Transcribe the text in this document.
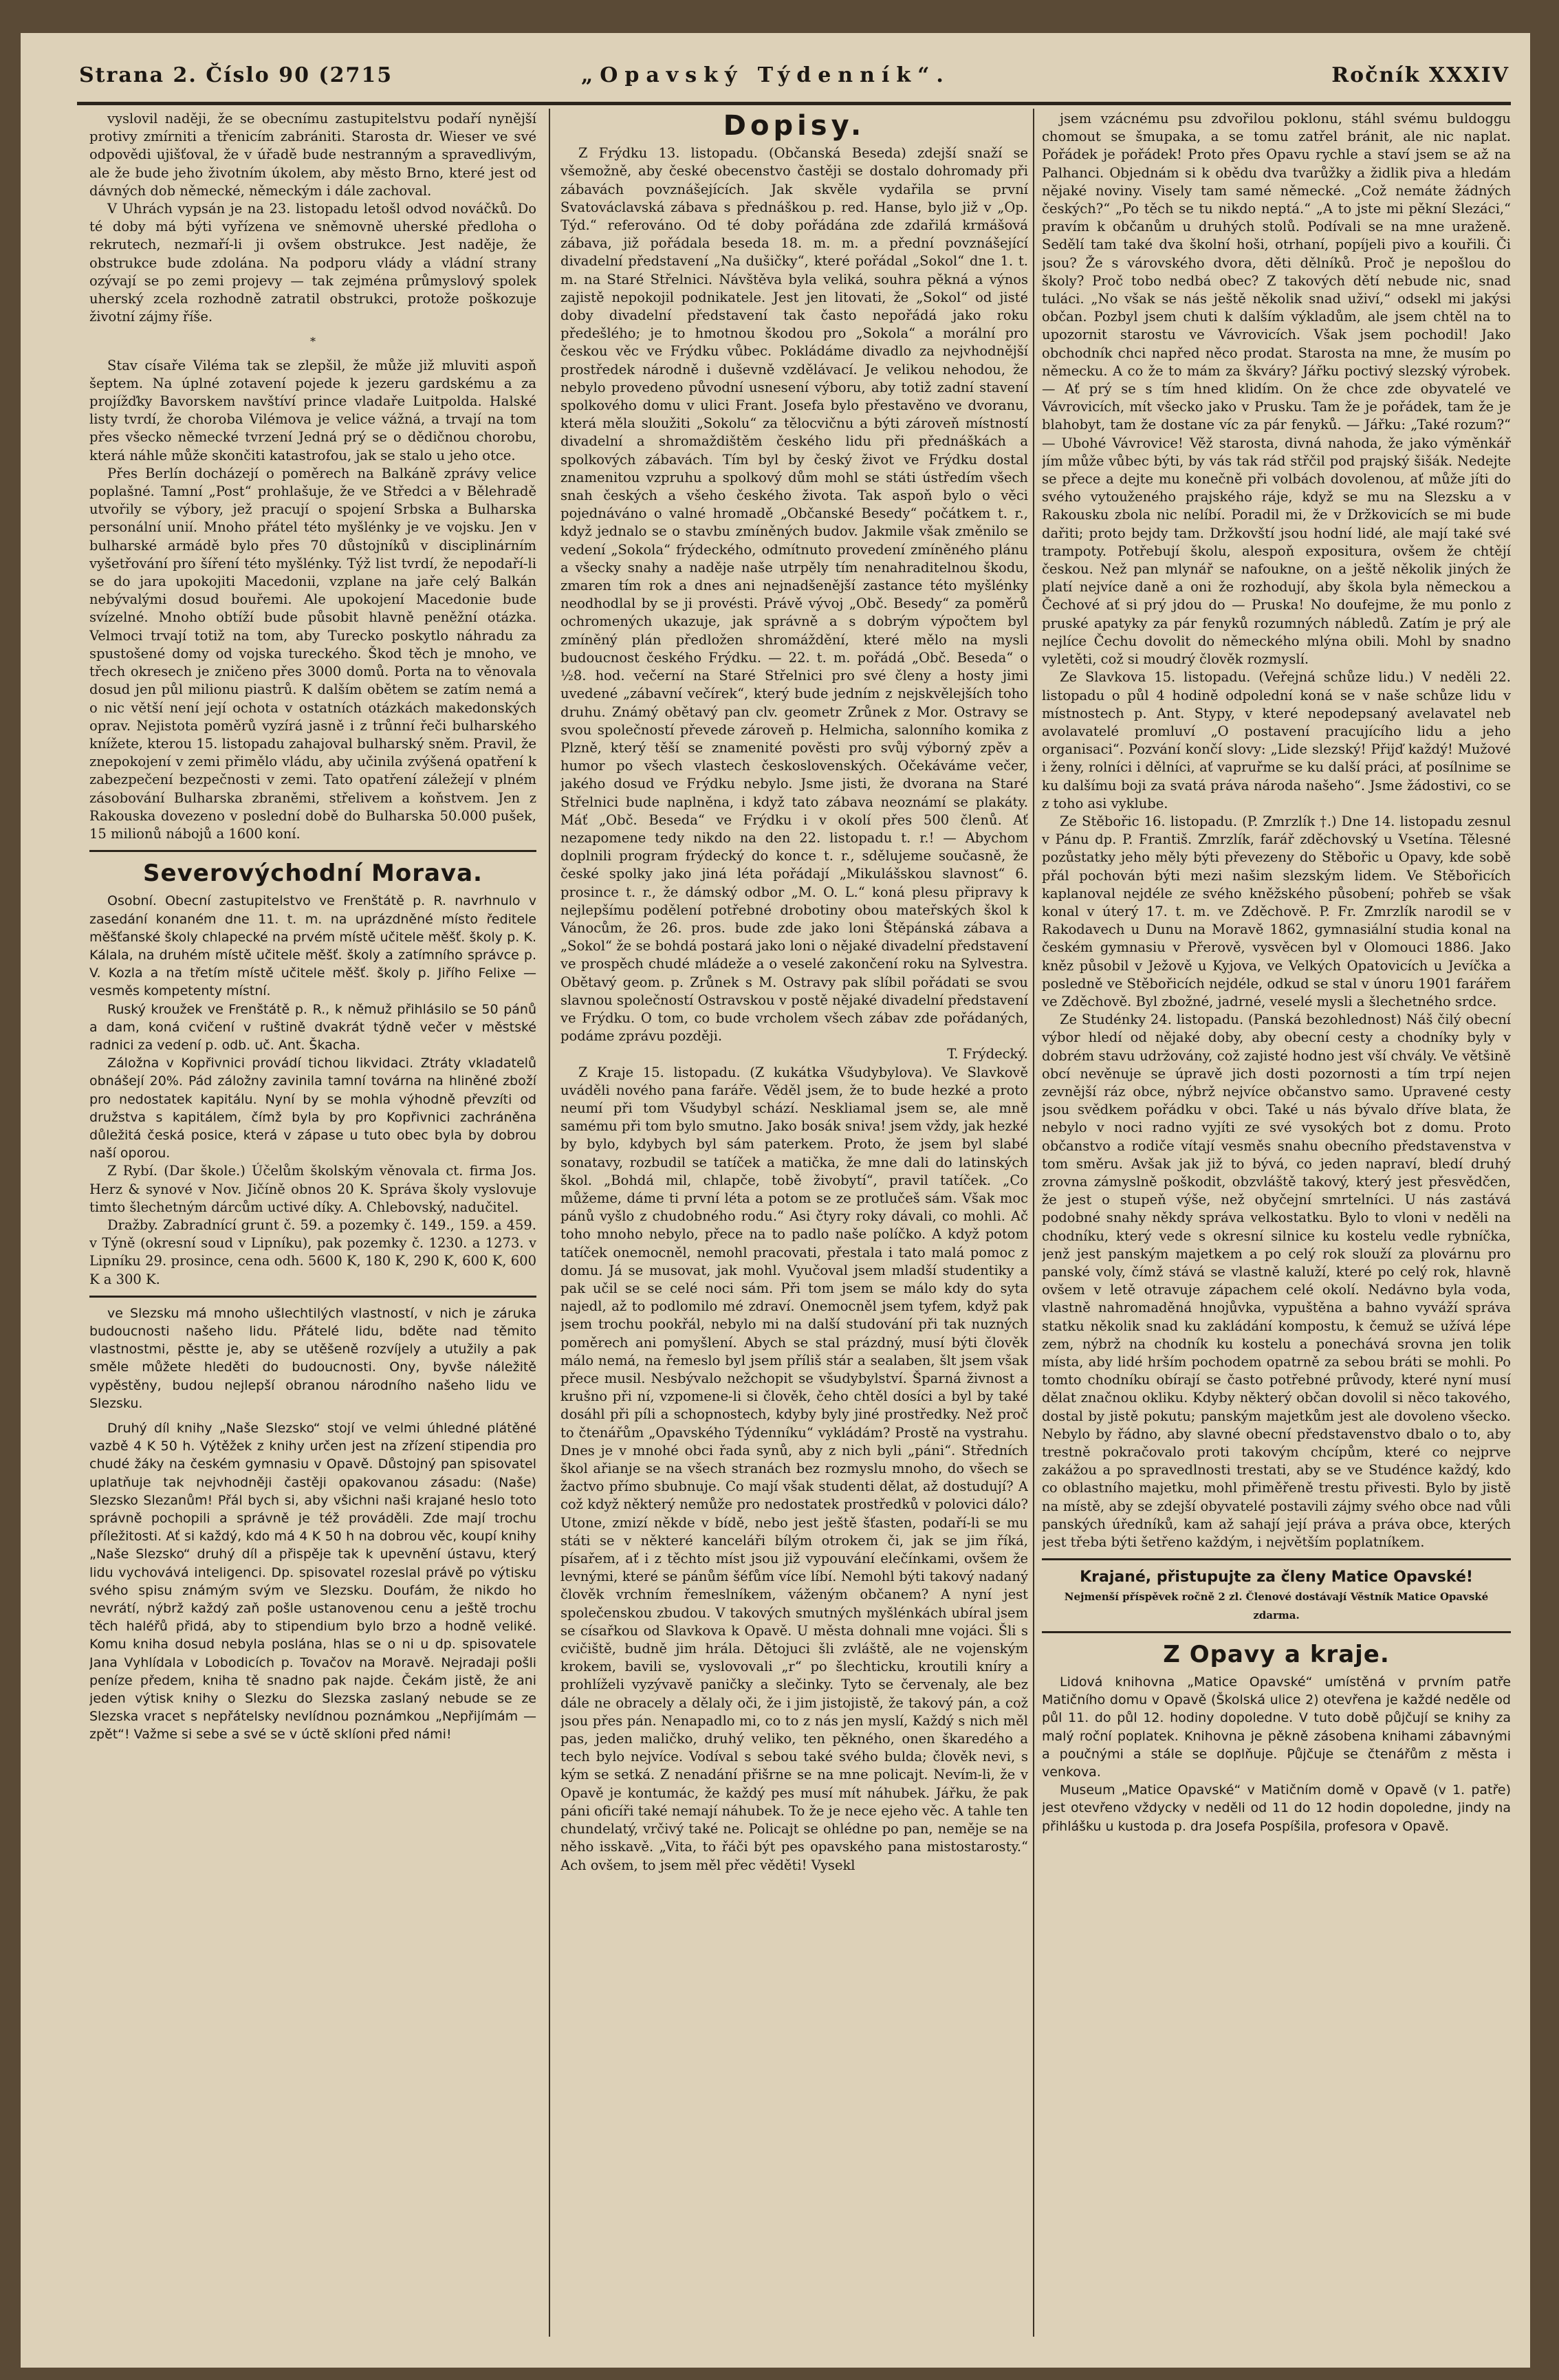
Strana 2. Číslo 90 (2715	„Opavský Týdenník“.	Ročník XXXIV

vyslovil naději, že se obecnímu zastupitelstvu podaří nynější protivy zmírniti a třenicím zabrániti. Starosta dr. Wieser ve své odpovědi ujišťoval, že v úřadě bude nestranným a spravedlivým, ale že bude jeho životním úkolem, aby město Brno, které jest od dávných dob německé, německým i dále zachoval.

V Uhrách vypsán je na 23. listopadu letošl odvod nováčků. Do té doby má býti vyřízena ve sněmovně uherské předloha o rekrutech, nezmaří-li ji ovšem obstrukce. Jest naděje, že obstrukce bude zdolána. Na podporu vlády a vládní strany ozývají se po zemi projevy — tak zejména průmyslový spolek uherský zcela rozhodně zatratil obstrukci, protože poškozuje životní zájmy říše.

*

Stav císaře Viléma tak se zlepšil, že může již mluviti aspoň šeptem. Na úplné zotavení pojede k jezeru gardskému a za projížďky Bavorskem navštíví prince vladaře Luitpolda. Halské listy tvrdí, že choroba Vilémova je velice vážná, a trvají na tom přes všecko německé tvrzení Jedná prý se o dědičnou chorobu, která náhle může skončiti katastrofou, jak se stalo u jeho otce.

Přes Berlín docházejí o poměrech na Balkáně zprávy velice poplašné. Tamní „Post“ prohlašuje, že ve Středci a v Bělehradě utvořily se výbory, jež pracují o spojení Srbska a Bulharska personální unií. Mnoho přátel této myšlénky je ve vojsku. Jen v bulharské armádě bylo přes 70 důstojníků v disciplinárním vyšetřování pro šíření této myšlénky. Týž list tvrdí, že nepodaří-li se do jara upokojiti Macedonii, vzplane na jaře celý Balkán nebývalými dosud bouřemi. Ale upokojení Macedonie bude svízelné. Mnoho obtíží bude působit hlavně peněžní otázka. Velmoci trvají totiž na tom, aby Turecko poskytlo náhradu za spustošené domy od vojska tureckého. Škod těch je mnoho, ve třech okresech je zničeno přes 3000 domů. Porta na to věnovala dosud jen půl milionu piastrů. K dalším obětem se zatím nemá a o nic větší není její ochota v ostatních otázkách makedonských oprav. Nejistota poměrů vyzírá jasně i z trůnní řeči bulharského knížete, kterou 15. listopadu zahajoval bulharský sněm. Pravil, že znepokojení v zemi přimělo vládu, aby učinila zvýšená opatření k zabezpečení bezpečnosti v zemi. Tato opatření záležejí v plném zásobování Bulharska zbraněmi, střelivem a koňstvem. Jen z Rakouska dovezeno v poslední době do Bulharska 50.000 pušek, 15 milionů nábojů a 1600 koní.

Severovýchodní Morava.

Osobní. Obecní zastupitelstvo ve Frenštátě p. R. navrhnulo v zasedání konaném dne 11. t. m. na uprázdněné místo ředitele měšťanské školy chlapecké na prvém místě učitele měšť. školy p. K. Kálala, na druhém místě učitele měšť. školy a zatímního správce p. V. Kozla a na třetím místě učitele měšť. školy p. Jiřího Felixe — vesměs kompetenty místní.

Ruský kroužek ve Frenštátě p. R., k němuž přihlásilo se 50 pánů a dam, koná cvičení v ruštině dvakrát týdně večer v městské radnici za vedení p. odb. uč. Ant. Škacha.

Záložna v Kopřivnici provádí tichou likvidaci. Ztráty vkladatelů obnášejí 20%. Pád záložny zavinila tamní továrna na hliněné zboží pro nedostatek kapitálu. Nyní by se mohla výhodně převzíti od družstva s kapitálem, čímž byla by pro Kopřivnici zachráněna důležitá česká posice, která v zápase u tuto obec byla by dobrou naší oporou.

Z Rybí. (Dar škole.) Účelům školským věnovala ct. firma Jos. Herz & synové v Nov. Jičíně obnos 20 K. Správa školy vyslovuje timto šlechetným dárcům uctivé díky. A. Chlebovský, nadučitel.

Dražby. Zabradnící grunt č. 59. a pozemky č. 149., 159. a 459. v Týně (okresní soud v Lipníku), pak pozemky č. 1230. a 1273. v Lipníku 29. prosince, cena odh. 5600 K, 180 K, 290 K, 600 K, 600 K a 300 K.

ve Slezsku má mnoho ušlechtilých vlastností, v nich je záruka budoucnosti našeho lidu. Přátelé lidu, bděte nad těmito vlastnostmi, pěstte je, aby se utěšeně rozvíjely a utužily a pak směle můžete hleděti do budoucnosti. Ony, byvše náležitě vypěstěny, budou nejlepší obranou národního našeho lidu ve Slezsku.

Druhý díl knihy „Naše Slezsko“ stojí ve velmi úhledné plátěné vazbě 4 K 50 h. Výtěžek z knihy určen jest na zřízení stipendia pro chudé žáky na českém gymnasiu v Opavě. Důstojný pan spisovatel uplatňuje tak nejvhodněji častěji opakovanou zásadu: (Naše) Slezsko Slezanům! Přál bych si, aby všichni naši krajané heslo toto správně pochopili a správně je též prováděli. Zde mají trochu příležitosti. Ať si každý, kdo má 4 K 50 h na dobrou věc, koupí knihy „Naše Slezsko“ druhý díl a přispěje tak k upevnění ústavu, který lidu vychovává inteligenci. Dp. spisovatel rozeslal právě po výtisku svého spisu známým svým ve Slezsku. Doufám, že nikdo ho nevrátí, nýbrž každý zaň pošle ustanovenou cenu a ještě trochu těch haléřů přidá, aby to stipendium bylo brzo a hodně veliké. Komu kniha dosud nebyla poslána, hlas se o ni u dp. spisovatele Jana Vyhlídala v Lobodicích p. Tovačov na Moravě. Nejradaji pošli peníze předem, kniha tě snadno pak najde. Čekám jistě, že ani jeden výtisk knihy o Slezku do Slezska zaslaný nebude se ze Slezska vracet s nepřátelsky nevlídnou poznámkou „Nepřijímám — zpět“! Važme si sebe a své se v úctě sklíoni před námi!

Dopisy.

Z Frýdku 13. listopadu. (Občanská Beseda) zdejší snaží se všemožně, aby české obecenstvo častěji se dostalo dohromady při zábavách povznášejících. Jak skvěle vydařila se první Svatováclavská zábava s přednáškou p. red. Hanse, bylo již v „Op. Týd.“ referováno. Od té doby pořádána zde zdařilá krmášová zábava, již pořádala beseda 18. m. m. a přední povznášející divadelní představení „Na dušičky“, které pořádal „Sokol“ dne 1. t. m. na Staré Střelnici. Návštěva byla veliká, souhra pěkná a výnos zajistě nepokojil podnikatele. Jest jen litovati, že „Sokol“ od jisté doby divadelní představení tak často nepořádá jako roku předešlého; je to hmotnou škodou pro „Sokola“ a morální pro českou věc ve Frýdku vůbec. Pokládáme divadlo za nejvhodnější prostředek národně i duševně vzdělávací. Je velikou nehodou, že nebylo provedeno původní usnesení výboru, aby totiž zadní stavení spolkového domu v ulici Frant. Josefa bylo přestavěno ve dvoranu, která měla sloužiti „Sokolu“ za tělocvičnu a býti zároveň místností divadelní a shromaždištěm českého lidu při přednáškách a spolkových zábavách. Tím byl by český život ve Frýdku dostal znamenitou vzpruhu a spolkový dům mohl se státi ústředím všech snah českých a všeho českého života. Tak aspoň bylo o věci pojednáváno o valné hromadě „Občanské Besedy“ počátkem t. r., když jednalo se o stavbu zmíněných budov. Jakmile však změnilo se vedení „Sokola“ frýdeckého, odmítnuto provedení zmíněného plánu a všecky snahy a naděje naše utrpěly tím nenahraditelnou škodu, zmaren tím rok a dnes ani nejnadšenější zastance této myšlénky neodhodlal by se ji provésti. Právě vývoj „Obč. Besedy“ za poměrů ochromených ukazuje, jak správně a s dobrým výpočtem byl zmíněný plán předložen shromáždění, které mělo na mysli budoucnost českého Frýdku. — 22. t. m. pořádá „Obč. Beseda“ o ½8. hod. večerní na Staré Střelnici pro své členy a hosty jimi uvedené „zábavní večírek“, který bude jedním z nejskvělejších toho druhu. Známý obětavý pan clv. geometr Zrůnek z Mor. Ostravy se svou společností převede zároveň p. Helmicha, salonního komika z Plzně, který těší se znamenité pověsti pro svůj výborný zpěv a humor po všech vlastech československých. Očekáváme večer, jakého dosud ve Frýdku nebylo. Jsme jisti, že dvorana na Staré Střelnici bude naplněna, i když tato zábava neoznámí se plakáty. Máť „Obč. Beseda“ ve Frýdku i v okolí přes 500 členů. Ať nezapomene tedy nikdo na den 22. listopadu t. r.! — Abychom doplnili program frýdecký do konce t. r., sdělujeme současně, že české spolky jako jiná léta pořádají „Mikulášskou slavnost“ 6. prosince t. r., že dámský odbor „M. O. L.“ koná plesu připravy k nejlepšímu podělení potřebné drobotiny obou mateřských škol k Vánocům, že 26. pros. bude zde jako loni Štěpánská zábava a „Sokol“ že se bohdá postará jako loni o nějaké divadelní představení ve prospěch chudé mládeže a o veselé zakončení roku na Sylvestra. Obětavý geom. p. Zrůnek s M. Ostravy pak slíbil pořádati se svou slavnou společností Ostravskou v postě nějaké divadelní představení ve Frýdku. O tom, co bude vrcholem všech zábav zde pořádaných, podáme zprávu později.

T. Frýdecký.

Z Kraje 15. listopadu. (Z kukátka Všudybylova). Ve Slavkově uváděli nového pana faráře. Věděl jsem, že to bude hezké a proto neumí při tom Všudybyl schází. Neskliamal jsem se, ale mně samému při tom bylo smutno. Jako bosák sniva! jsem vždy, jak hezké by bylo, kdybych byl sám paterkem. Proto, že jsem byl slabé sonatavy, rozbudil se tatíček a matička, že mne dali do latinských škol. „Bohdá mil, chlapče, tobě živobytí“, pravil tatíček. „Co můžeme, dáme ti první léta a potom se ze protlučeš sám. Však moc pánů vyšlo z chudobného rodu.“ Asi čtyry roky dávali, co mohli. Ač toho mnoho nebylo, přece na to padlo naše políčko. A když potom tatíček onemocněl, nemohl pracovati, přestala i tato malá pomoc z domu. Já se musovat, jak mohl. Vyučoval jsem mladší studentiky a pak učil se se celé noci sám. Při tom jsem se málo kdy do syta najedl, až to podlomilo mé zdraví. Onemocněl jsem tyfem, když pak jsem trochu pookřál, nebylo mi na další studování při tak nuzných poměrech ani pomyšlení. Abych se stal prázdný, musí býti člověk málo nemá, na řemeslo byl jsem příliš stár a sealaben, šlt jsem však přece musil. Nesbývalo nežchopit se všudybylství. Šparná živnost a krušno při ní, vzpomene-li si člověk, čeho chtěl dosíci a byl by také dosáhl při píli a schopnostech, kdyby byly jiné prostředky. Než proč to čtenářům „Opavského Týdenníku“ vykládám? Prostě na vystrahu. Dnes je v mnohé obci řada synů, aby z nich byli „páni“. Středních škol ařianje se na všech stranách bez rozmyslu mnoho, do všech se žactvo přímo sbubnuje. Co mají však studenti dělat, až dostudují? A což když některý nemůže pro nedostatek prostředků v polovici dálo? Utone, zmizí někde v bídě, nebo jest ještě šťasten, podaří-li se mu státi se v některé kanceláři bílým otrokem či, jak se jim říká, písařem, ať i z těchto míst jsou již vypouvání elečínkami, ovšem že levnými, které se pánům šéfům více líbí. Nemohl býti takový nadaný člověk vrchním řemeslníkem, váženým občanem? A nyní jest společenskou zbudou. V takových smutných myšlénkách ubíral jsem se císařkou od Slavkova k Opavě. U města dohnali mne vojáci. Šli s cvičiště, budně jim hrála. Dětojuci šli zvláště, ale ne vojenským krokem, bavili se, vyslovovali „r“ po šlechticku, kroutili kníry a prohlíželi vyzývavě paničky a slečinky. Tyto se červenaly, ale bez dále ne obracely a dělaly oči, že i jim jistojistě, že takový pán, a což jsou přes pán. Nenapadlo mi, co to z nás jen myslí, Každý s nich měl pas, jeden maličko, druhý veliko, ten pěkného, onen škaredého a tech bylo nejvíce. Vodíval s sebou také svého bulda; člověk nevi, s kým se setká. Z nenadání přišrne se na mne policajt. Nevím-li, že v Opavě je kontumác, že každý pes musí mít náhubek. Jářku, že pak páni oficíři také nemají náhubek. To že je nece ejeho věc. A tahle ten chundelatý, vrčivý také ne. Policajt se ohlédne po pan, neměje se na něho isskavě. „Vita, to řáči být pes opavského pana mistostarosty.“ Ach ovšem, to jsem měl přec věděti! Vysekl

jsem vzácnému psu zdvořilou poklonu, stáhl svému buldoggu chomout se šmupaka, a se tomu zatřel bránit, ale nic naplat. Pořádek je pořádek! Proto přes Opavu rychle a staví jsem se až na Palhanci. Objednám si k obědu dva tvarůžky a židlik piva a hledám nějaké noviny. Visely tam samé německé. „Což nemáte žádných českých?“ „Po těch se tu nikdo neptá.“ „A to jste mi pěkní Slezáci,“ pravím k občanům u druhých stolů. Podívali se na mne uraženě. Sedělí tam také dva školní hoši, otrhaní, popíjeli pivo a kouřili. Či jsou? Že s várovského dvora, děti dělníků. Proč je nepošlou do školy? Proč tobo nedbá obec? Z takových dětí nebude nic, snad tuláci. „No však se nás ještě několik snad uživí,“ odsekl mi jakýsi občan. Pozbyl jsem chuti k dalším výkladům, ale jsem chtěl na to upozornit starostu ve Vávrovicích. Však jsem pochodil! Jako obchodník chci napřed něco prodat. Starosta na mne, že musím po německu. A co že to mám za škváry? Jářku poctivý slezský výrobek. — Ať prý se s tím hned klidím. On že chce zde obyvatelé ve Vávrovicích, mít všecko jako v Prusku. Tam že je pořádek, tam že je blahobyt, tam že dostane víc za pár fenyků. — Jářku: „Také rozum?“ — Ubohé Vávrovice! Věž starosta, divná nahoda, že jako výměnkář jím může vůbec býti, by vás tak rád střčil pod prajský šišák. Nedejte se přece a dejte mu konečně při volbách dovolenou, ať může jíti do svého vytouženého prajského ráje, když se mu na Slezsku a v Rakousku zbola nic nelíbí. Poradil mi, že v Držkovicích se mi bude dařiti; proto bejdy tam. Držkovští jsou hodní lidé, ale mají také své trampoty. Potřebují školu, alespoň expositura, ovšem že chtějí českou. Než pan mlynář se nafoukne, on a ještě několik jiných že platí nejvíce daně a oni že rozhodují, aby škola byla německou a Čechové ať si prý jdou do — Pruska! No doufejme, že mu ponlo z pruské apatyky za pár fenyků rozumných nábledů. Zatím je prý ale nejlíce Čechu dovolit do německého mlýna obili. Mohl by snadno vyletěti, což si moudrý člověk rozmyslí.

Ze Slavkova 15. listopadu. (Veřejná schůze lidu.) V neděli 22. listopadu o půl 4 hodině odpolední koná se v naše schůze lidu v místnostech p. Ant. Stypy, v které nepodepsaný avelavatel neb avolavatelé promluví „O postavení pracujícího lidu a jeho organisaci“. Pozvání končí slovy: „Lide slezský! Přijď každý! Mužové i ženy, rolníci i dělníci, ať vapruřme se ku další práci, ať posílnime se ku dalšímu boji za svatá práva národa našeho“. Jsme žádostivi, co se z toho asi vyklube.

Ze Stěbořic 16. listopadu. (P. Zmrzlík †.) Dne 14. listopadu zesnul v Pánu dp. P. Františ. Zmrzlík, farář zděchovský u Vsetína. Tělesné pozůstatky jeho měly býti převezeny do Stěbořic u Opavy, kde sobě přál pochován býti mezi našim slezským lidem. Ve Stěbořicích kaplanoval nejdéle ze svého kněžského působení; pohřeb se však konal v úterý 17. t. m. ve Zděchově. P. Fr. Zmrzlík narodil se v Rakodavech u Dunu na Moravě 1862, gymnasiální studia konal na českém gymnasiu v Přerově, vysvěcen byl v Olomouci 1886. Jako kněz působil v Ježově u Kyjova, ve Velkých Opatovicích u Jevíčka a posledně ve Stěbořicích nejdéle, odkud se stal v únoru 1901 farářem ve Zděchově. Byl zbožné, jadrné, veselé mysli a šlechetného srdce.

Ze Studénky 24. listopadu. (Panská bezohlednost) Náš čilý obecní výbor hledí od nějaké doby, aby obecní cesty a chodníky byly v dobrém stavu udržovány, což zajisté hodno jest vší chvály. Ve většině obcí nevěnuje se úpravě jich dosti pozornosti a tím trpí nejen zevnější ráz obce, nýbrž nejvíce občanstvo samo. Upravené cesty jsou svědkem pořádku v obci. Také u nás bývalo dříve blata, že nebylo v noci radno vyjíti ze své vysokých bot z domu. Proto občanstvo a rodiče vítají vesměs snahu obecního představenstva v tom směru. Avšak jak již to bývá, co jeden napraví, bledí druhý zrovna zámyslně poškodit, obzvláště takový, který jest přesvědčen, že jest o stupeň výše, než obyčejní smrtelníci. U nás zastává podobné snahy někdy správa velkostatku. Bylo to vloni v neděli na chodníku, který vede s okresní silnice ku kostelu vedle rybníčka, jenž jest panským majetkem a po celý rok slouží za plovárnu pro panské voly, čímž stává se vlastně kaluží, které po celý rok, hlavně ovšem v letě otravuje zápachem celé okolí. Nedávno byla voda, vlastně nahromaděná hnojůvka, vypuštěna a bahno vyváží správa statku několik snad ku zakládání kompostu, k čemuž se užívá lépe zem, nýbrž na chodník ku kostelu a ponechává srovna jen tolik místa, aby lidé hrším pochodem opatrně za sebou bráti se mohli. Po tomto chodníku obírají se často potřebné průvody, které nyní musí dělat značnou okliku. Kdyby některý občan dovolil si něco takového, dostal by jistě pokutu; panským majetkům jest ale dovoleno všecko. Nebylo by řádno, aby slavné obecní představenstvo dbalo o to, aby trestně pokračovalo proti takovým chcípům, které co nejprve zakážou a po spravedlnosti trestati, aby se ve Studénce každý, kdo co oblastního majetku, mohl přiměřeně trestu přivesti. Bylo by jistě na místě, aby se zdejší obyvatelé postavili zájmy svého obce nad vůli panských úředníků, kam až sahají její práva a práva obce, kterých jest třeba býti šetřeno každým, i největším poplatníkem.

Krajané, přistupujte za členy Matice Opavské!
Nejmenší příspěvek ročně 2 zl. Členové dostávají Věstník Matice Opavské zdarma.
Z Opavy a kraje.

Lidová knihovna „Matice Opavské“ umístěná v prvním patře Matičního domu v Opavě (Školská ulice 2) otevřena je každé neděle od půl 11. do půl 12. hodiny dopoledne. V tuto době půjčují se knihy za malý roční poplatek. Knihovna je pěkně zásobena knihami zábavnými a poučnými a stále se doplňuje. Půjčuje se čtenářům z města i venkova.

Museum „Matice Opavské“ v Matičním domě v Opavě (v 1. patře) jest otevřeno vždycky v neděli od 11 do 12 hodin dopoledne, jindy na přihlášku u kustoda p. dra Josefa Pospíšila, profesora v Opavě.
